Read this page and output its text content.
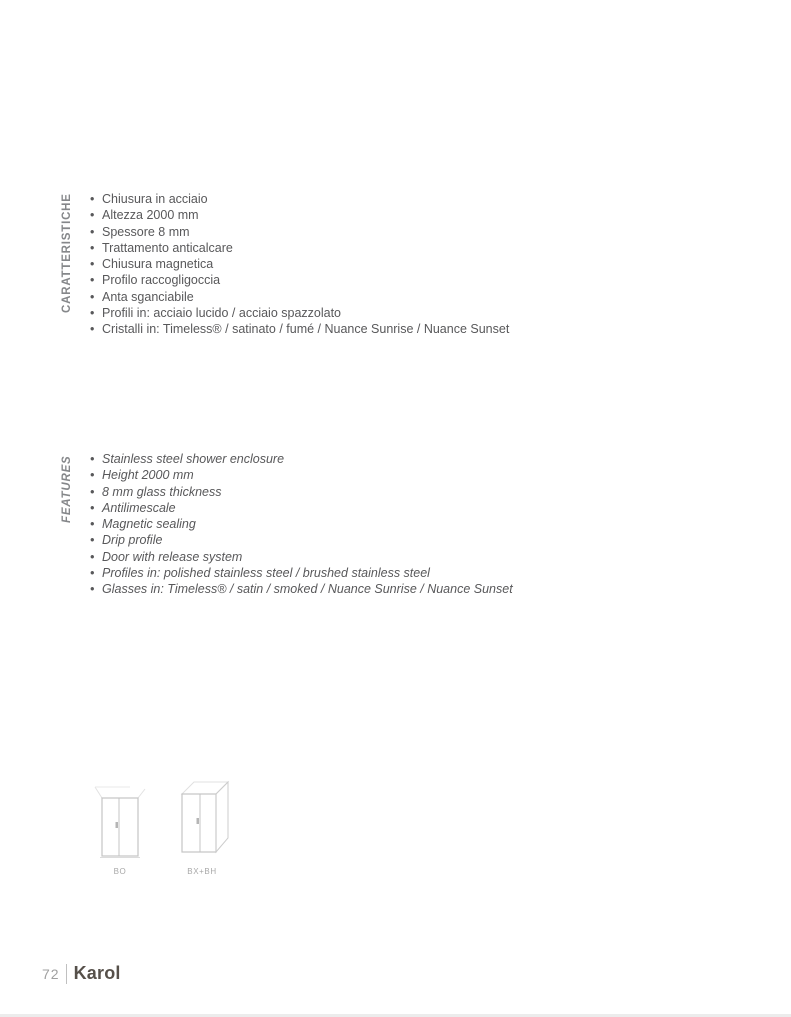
CARATTERISTICHE	• Chiusura in acciaio
• Altezza 2000 mm
• Spessore 8 mm
• Trattamento anticalcare
• Chiusura magnetica
• Profilo raccogligoccia
• Anta sganciabile
• Profili in: acciaio lucido / acciaio spazzolato
• Cristalli in: Timeless® / satinato / fumé / Nuance Sunrise / Nuance Sunset
FEATURES	• Stainless steel shower enclosure
• Height 2000 mm
• 8 mm glass thickness
• Antilimescale
• Magnetic sealing
• Drip profile
• Door with release system
• Profiles in: polished stainless steel / brushed stainless steel
• Glasses in: Timeless® / satin / smoked / Nuance Sunrise / Nuance Sunset
BO	BX+BH
72 Karol
